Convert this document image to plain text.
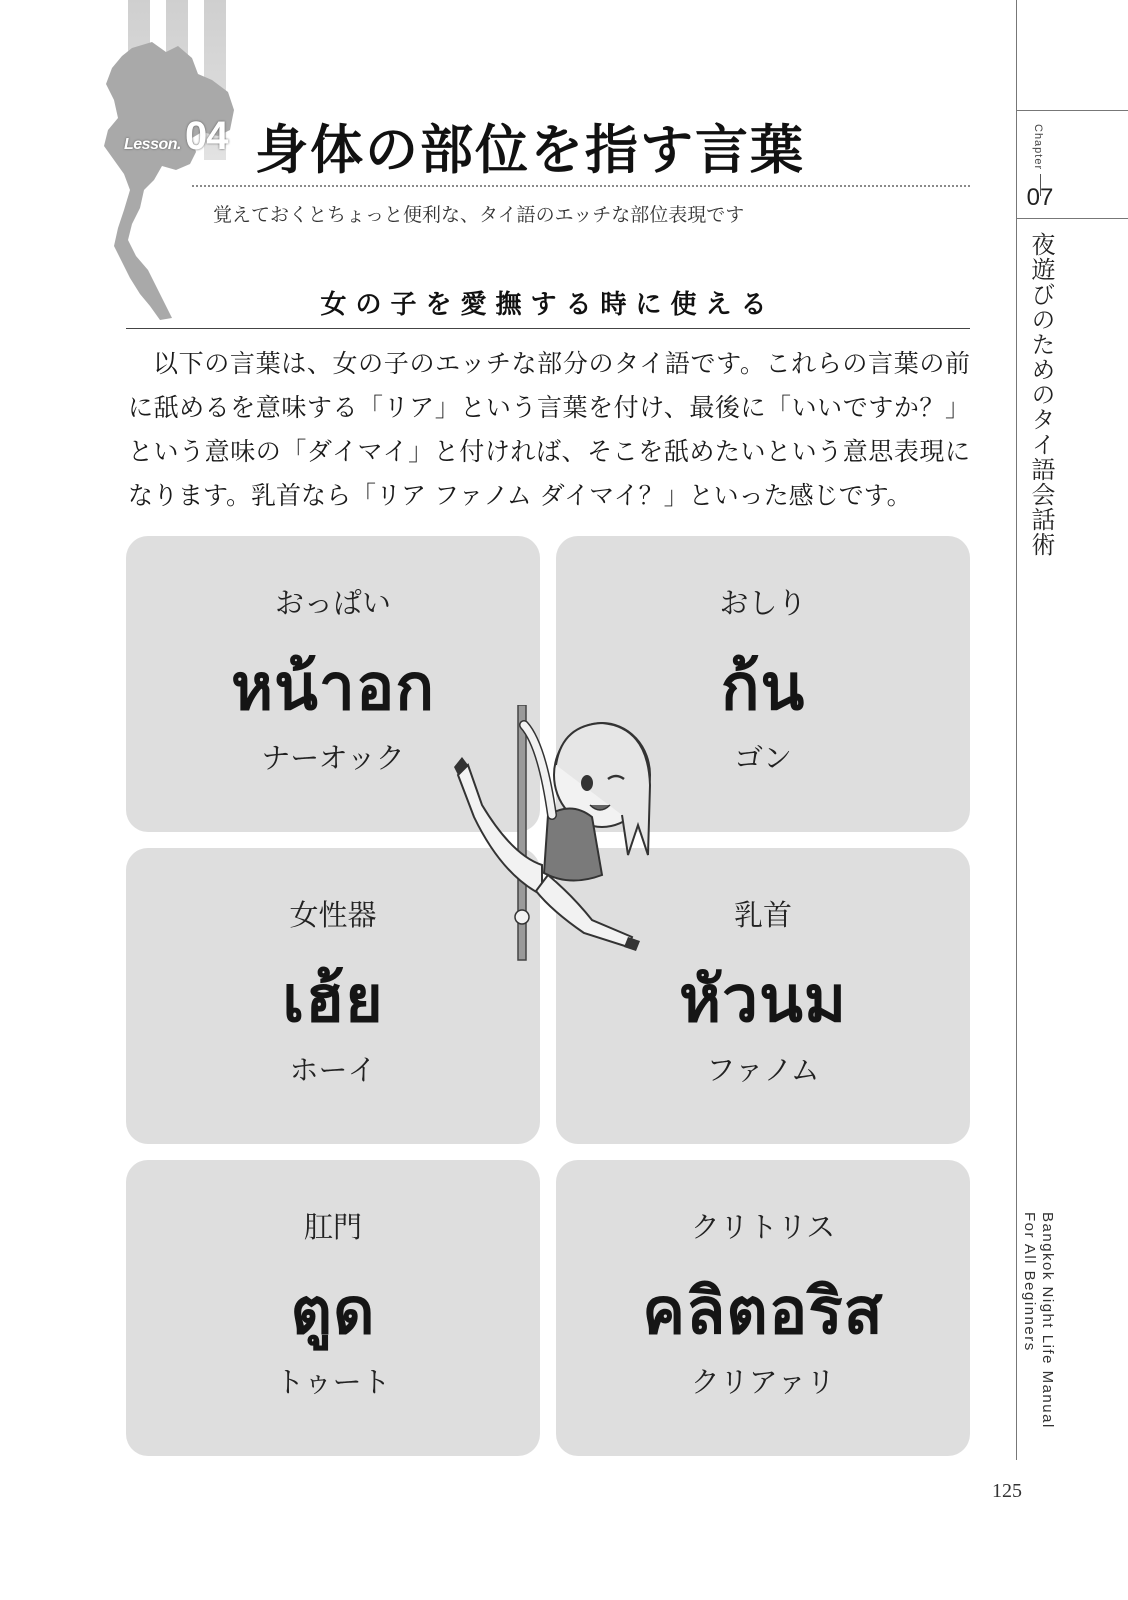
Lesson. 04 身体の部位を指す言葉
覚えておくとちょっと便利な、タイ語のエッチな部位表現です
女の子を愛撫する時に使える

以下の言葉は、女の子のエッチな部分のタイ語です。これらの言葉の前に舐めるを意味する「リア」という言葉を付け、最後に「いいですか？」という意味の「ダイマイ」と付ければ、そこを舐めたいという意思表現になります。乳首なら「リア ファノム ダイマイ？」といった感じです。

おっぱい
หน้าอก
ナーオック
おしり
ก้น
ゴン
女性器
เฮ้ย
ホーイ
乳首
หัวนม
ファノム
肛門
ตูด
トゥート
クリトリス
คลิตอริส
クリアァリ
Chapter
07
夜遊びのためのタイ語会話術
Bangkok Night Life Manual
For All Beginners
125
